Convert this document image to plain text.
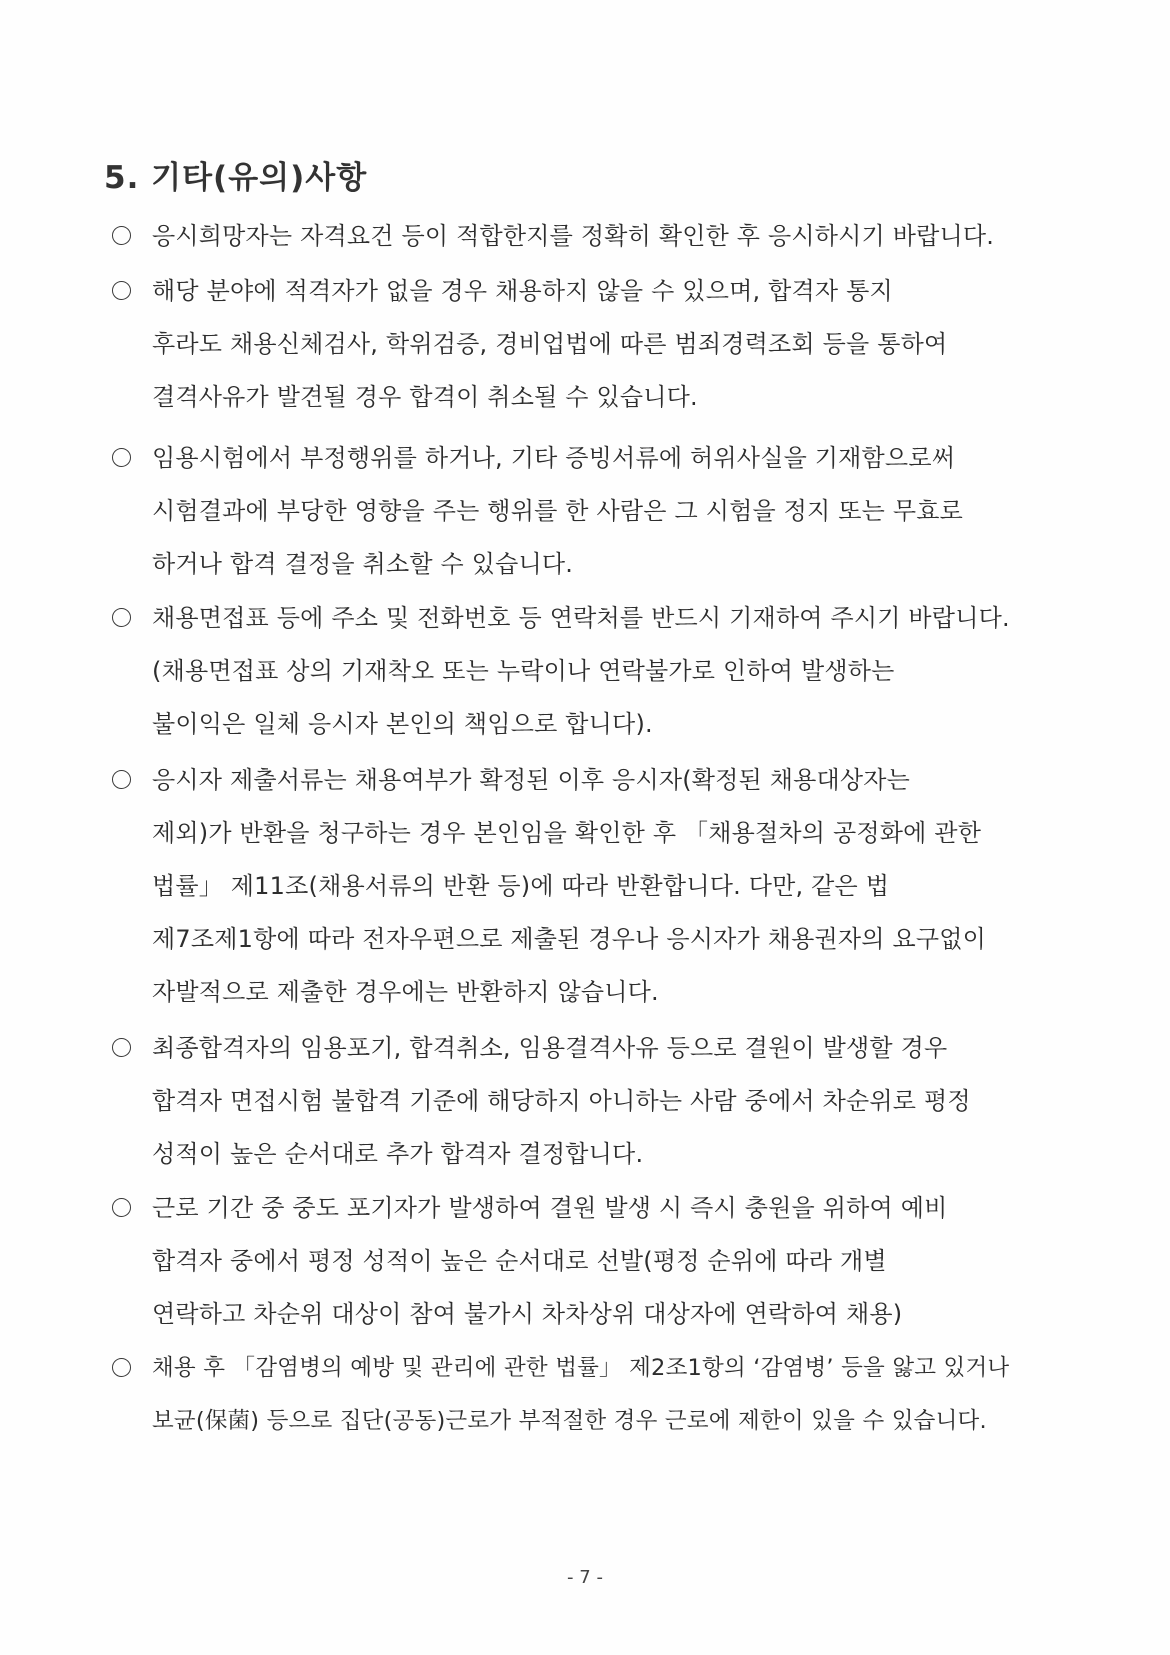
5. 기타(유의)사항
응시희망자는 자격요건 등이 적합한지를 정확히 확인한 후 응시하시기 바랍니다.
해당 분야에 적격자가 없을 경우 채용하지 않을 수 있으며, 합격자 통지
후라도 채용신체검사, 학위검증, 경비업법에 따른 범죄경력조회 등을 통하여
결격사유가 발견될 경우 합격이 취소될 수 있습니다.
임용시험에서 부정행위를 하거나, 기타 증빙서류에 허위사실을 기재함으로써
시험결과에 부당한 영향을 주는 행위를 한 사람은 그 시험을 정지 또는 무효로
하거나 합격 결정을 취소할 수 있습니다.
채용면접표 등에 주소 및 전화번호 등 연락처를 반드시 기재하여 주시기 바랍니다.
(채용면접표 상의 기재착오 또는 누락이나 연락불가로 인하여 발생하는
불이익은 일체 응시자 본인의 책임으로 합니다).
응시자 제출서류는 채용여부가 확정된 이후 응시자(확정된 채용대상자는
제외)가 반환을 청구하는 경우 본인임을 확인한 후 「채용절차의 공정화에 관한
법률」 제11조(채용서류의 반환 등)에 따라 반환합니다. 다만, 같은 법
제7조제1항에 따라 전자우편으로 제출된 경우나 응시자가 채용권자의 요구없이
자발적으로 제출한 경우에는 반환하지 않습니다.
최종합격자의 임용포기, 합격취소, 임용결격사유 등으로 결원이 발생할 경우
합격자 면접시험 불합격 기준에 해당하지 아니하는 사람 중에서 차순위로 평정
성적이 높은 순서대로 추가 합격자 결정합니다.
근로 기간 중 중도 포기자가 발생하여 결원 발생 시 즉시 충원을 위하여 예비
합격자 중에서 평정 성적이 높은 순서대로 선발(평정 순위에 따라 개별
연락하고 차순위 대상이 참여 불가시 차차상위 대상자에 연락하여 채용)
채용 후 「감염병의 예방 및 관리에 관한 법률」 제2조1항의 ‘감염병’ 등을 앓고 있거나
보균(保菌) 등으로 집단(공동)근로가 부적절한 경우 근로에 제한이 있을 수 있습니다.
- 7 -
